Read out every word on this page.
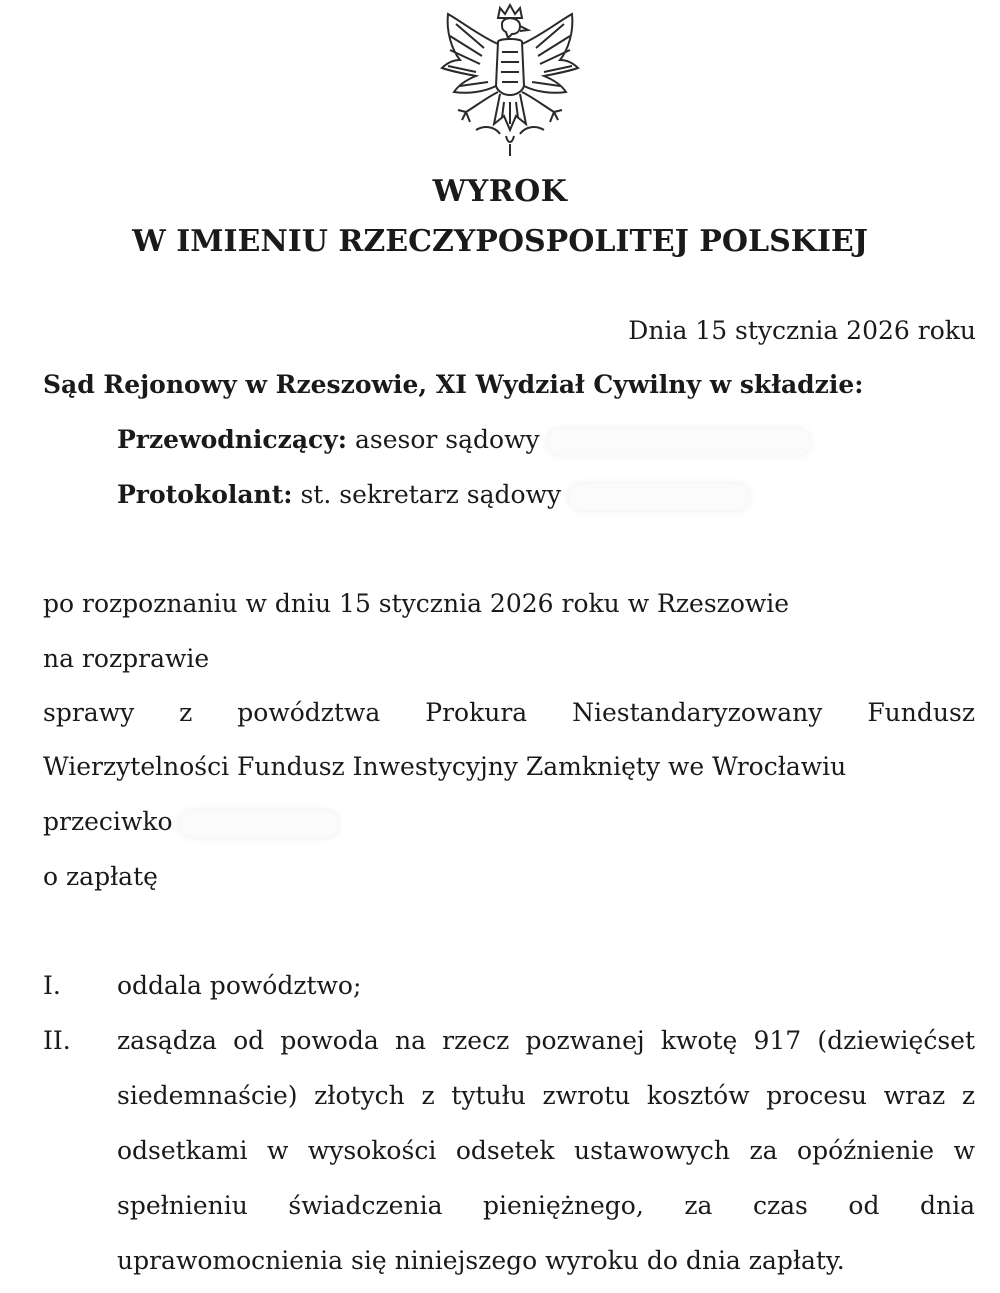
WYROK
W IMIENIU RZECZYPOSPOLITEJ POLSKIEJ
Dnia 15 stycznia 2026 roku
Sąd Rejonowy w Rzeszowie, XI Wydział Cywilny w składzie:
Przewodniczący: asesor sądowy
Protokolant: st. sekretarz sądowy
po rozpoznaniu w dniu 15 stycznia 2026 roku w Rzeszowie
na rozprawie
sprawy z powództwa Prokura Niestandaryzowany Fundusz
Wierzytelności Fundusz Inwestycyjny Zamknięty we Wrocławiu
przeciwko
o zapłatę
I. oddala powództwo;
II. zasądza od powoda na rzecz pozwanej kwotę 917 (dziewięćset
siedemnaście) złotych z tytułu zwrotu kosztów procesu wraz z
odsetkami w wysokości odsetek ustawowych za opóźnienie w
spełnieniu świadczenia pieniężnego, za czas od dnia
uprawomocnienia się niniejszego wyroku do dnia zapłaty.
